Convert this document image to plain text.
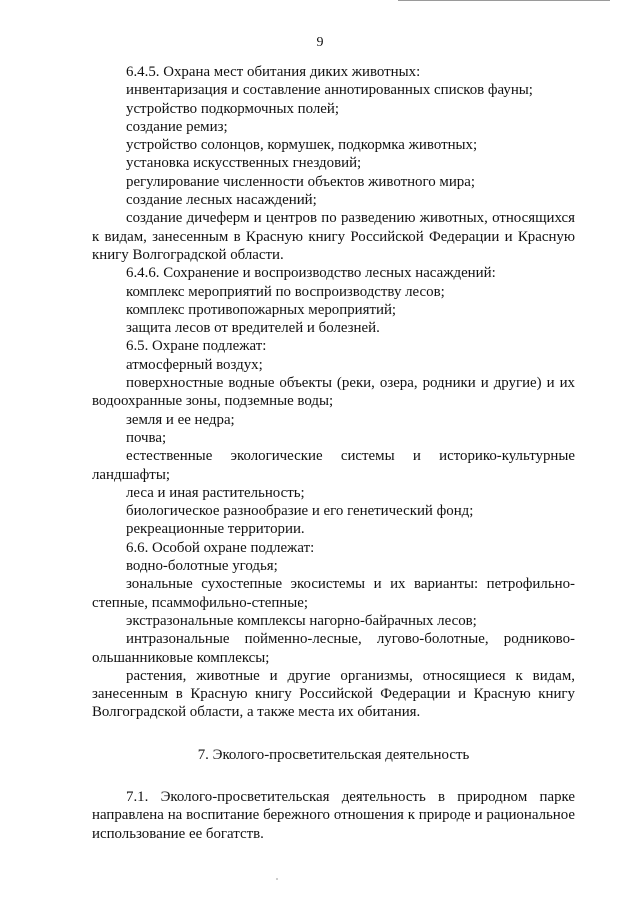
9

6.4.5. Охрана мест обитания диких животных:

инвентаризация и составление аннотированных списков фауны;

устройство подкормочных полей;

создание ремиз;

устройство солонцов, кормушек, подкормка животных;

установка искусственных гнездовий;

регулирование численности объектов животного мира;

создание лесных насаждений;

создание дичеферм и центров по разведению животных, относящихся к видам, занесенным в Красную книгу Российской Федерации и Красную книгу Волгоградской области.

6.4.6. Сохранение и воспроизводство лесных насаждений:

комплекс мероприятий по воспроизводству лесов;

комплекс противопожарных мероприятий;

защита лесов от вредителей и болезней.

6.5. Охране подлежат:

атмосферный воздух;

поверхностные водные объекты (реки, озера, родники и другие) и их водоохранные зоны, подземные воды;

земля и ее недра;

почва;

естественные экологические системы и историко-культурные ландшафты;

леса и иная растительность;

биологическое разнообразие и его генетический фонд;

рекреационные территории.

6.6. Особой охране подлежат:

водно-болотные угодья;

зональные сухостепные экосистемы и их варианты: петрофильно-степные, псаммофильно-степные;

экстразональные комплексы нагорно-байрачных лесов;

интразональные пойменно-лесные, лугово-болотные, родниково-ольшанниковые комплексы;

растения, животные и другие организмы, относящиеся к видам, занесенным в Красную книгу Российской Федерации и Красную книгу Волгоградской области, а также места их обитания.

7. Эколого-просветительская деятельность

7.1. Эколого-просветительская деятельность в природном парке направлена на воспитание бережного отношения к природе и рациональное использование ее богатств.
